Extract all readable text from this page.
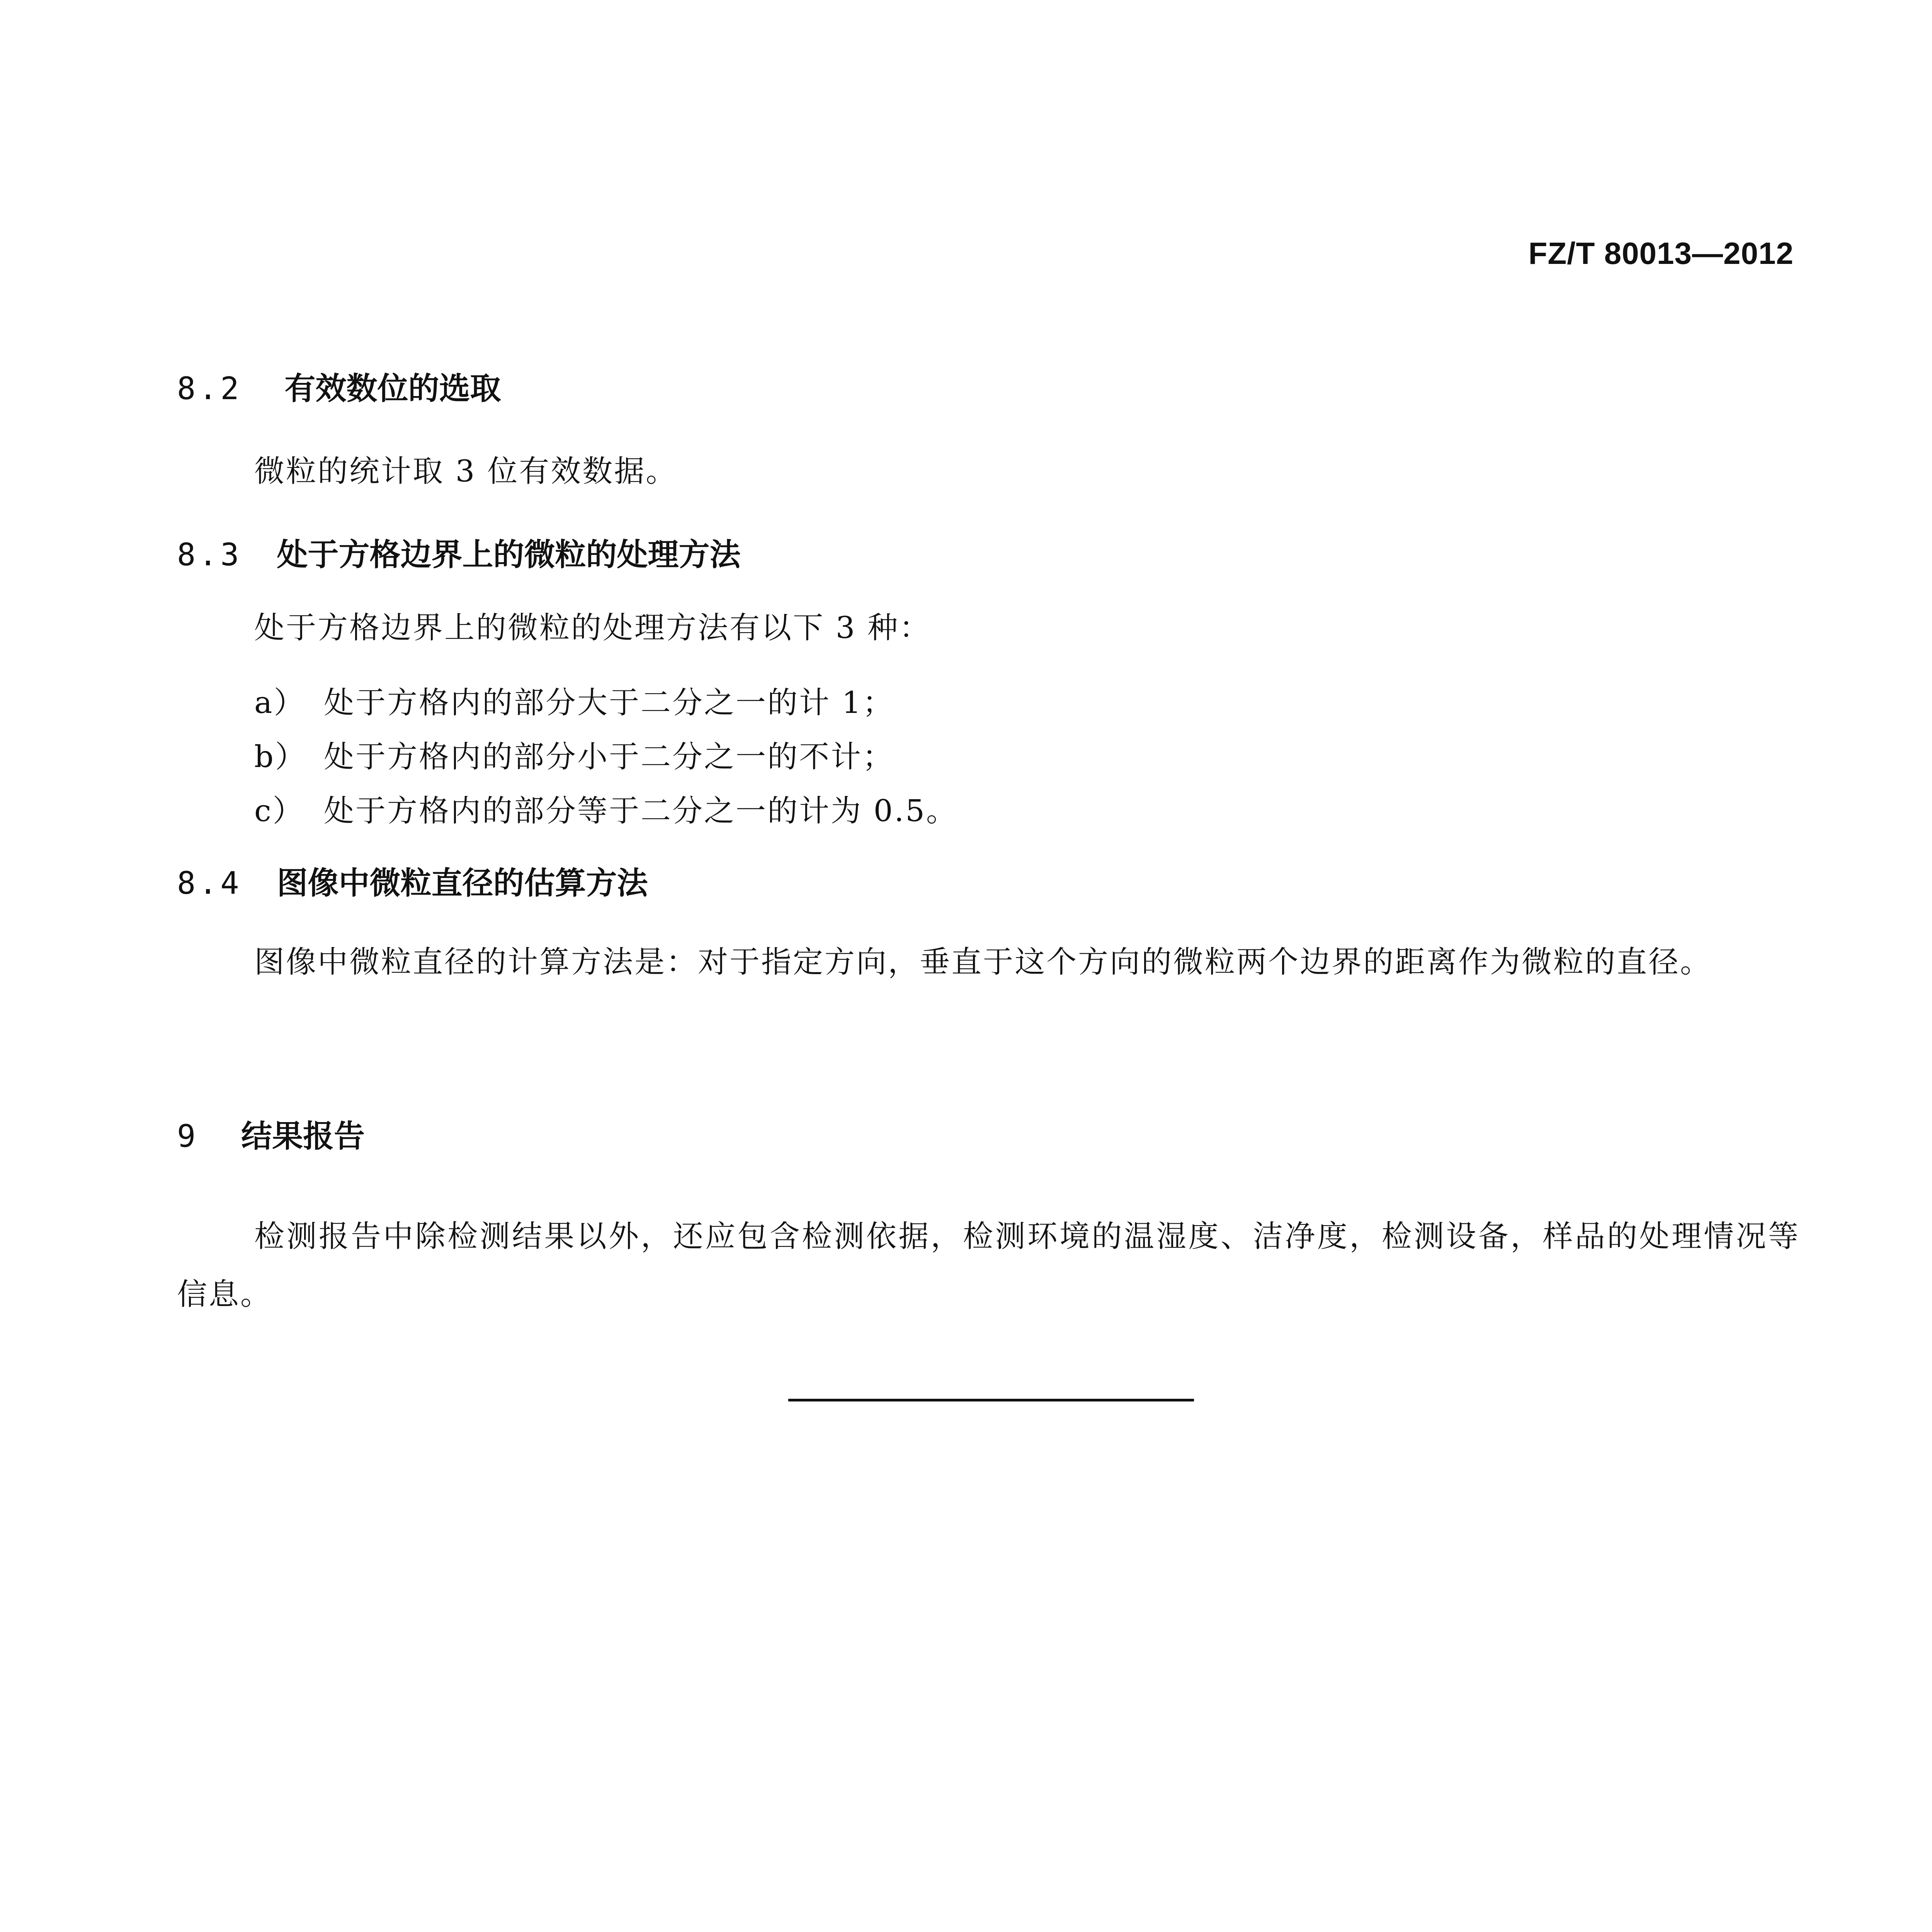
FZ/T 80013—2012
8.2 有效数位的选取
微粒的统计取 3 位有效数据。
8.3 处于方格边界上的微粒的处理方法
处于方格边界上的微粒的处理方法有以下 3 种：
a） 处于方格内的部分大于二分之一的计 1；
b） 处于方格内的部分小于二分之一的不计；
c） 处于方格内的部分等于二分之一的计为 0.5。
8.4 图像中微粒直径的估算方法
图像中微粒直径的计算方法是：对于指定方向，垂直于这个方向的微粒两个边界的距离作为微粒的直径。
9 结果报告
检测报告中除检测结果以外，还应包含检测依据，检测环境的温湿度、洁净度，检测设备，样品的处理情况等信息。
